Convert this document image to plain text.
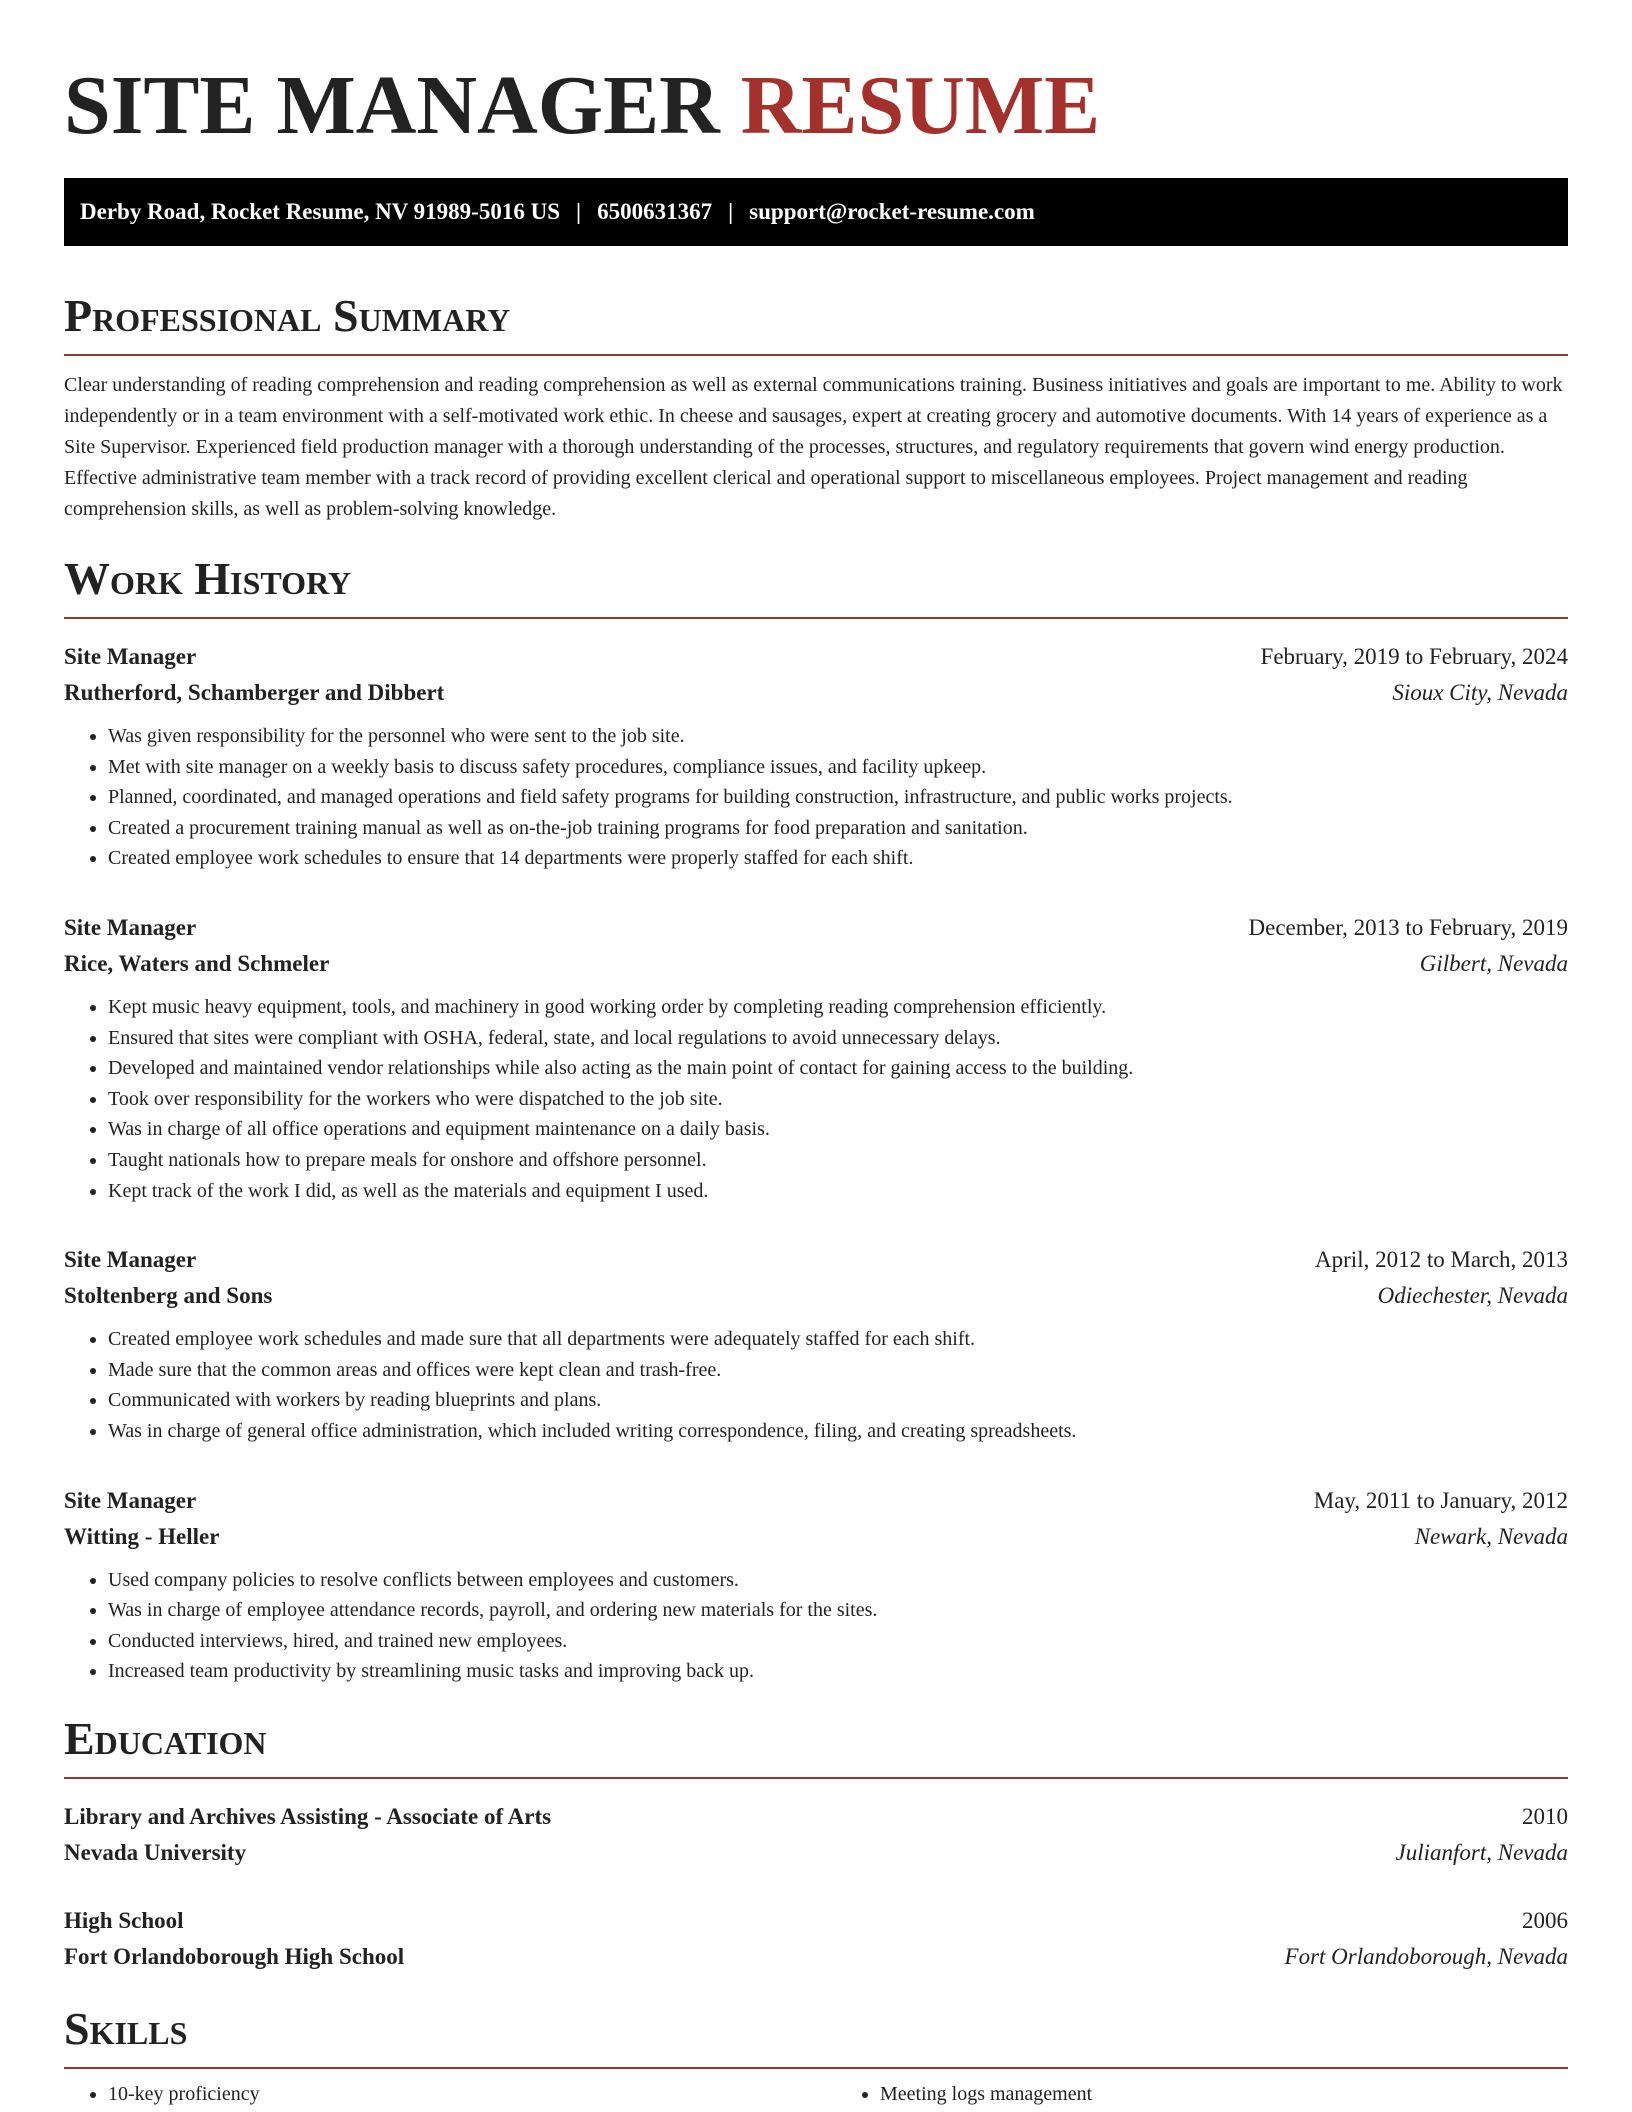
SITE MANAGER RESUME
Derby Road, Rocket Resume, NV 91989-5016 US | 6500631367 | support@rocket-resume.com
Professional Summary

Clear understanding of reading comprehension and reading comprehension as well as external communications training. Business initiatives and goals are important to me. Ability to work independently or in a team environment with a self-motivated work ethic. In cheese and sausages, expert at creating grocery and automotive documents. With 14 years of experience as a Site Supervisor. Experienced field production manager with a thorough understanding of the processes, structures, and regulatory requirements that govern wind energy production. Effective administrative team member with a track record of providing excellent clerical and operational support to miscellaneous employees. Project management and reading comprehension skills, as well as problem-solving knowledge.

Work History
Site Manager	February, 2019 to February, 2024
Rutherford, Schamberger and Dibbert	Sioux City, Nevada
• Was given responsibility for the personnel who were sent to the job site.
• Met with site manager on a weekly basis to discuss safety procedures, compliance issues, and facility upkeep.
• Planned, coordinated, and managed operations and field safety programs for building construction, infrastructure, and public works projects.
• Created a procurement training manual as well as on-the-job training programs for food preparation and sanitation.
• Created employee work schedules to ensure that 14 departments were properly staffed for each shift.
Site Manager	December, 2013 to February, 2019
Rice, Waters and Schmeler	Gilbert, Nevada
• Kept music heavy equipment, tools, and machinery in good working order by completing reading comprehension efficiently.
• Ensured that sites were compliant with OSHA, federal, state, and local regulations to avoid unnecessary delays.
• Developed and maintained vendor relationships while also acting as the main point of contact for gaining access to the building.
• Took over responsibility for the workers who were dispatched to the job site.
• Was in charge of all office operations and equipment maintenance on a daily basis.
• Taught nationals how to prepare meals for onshore and offshore personnel.
• Kept track of the work I did, as well as the materials and equipment I used.
Site Manager	April, 2012 to March, 2013
Stoltenberg and Sons	Odiechester, Nevada
• Created employee work schedules and made sure that all departments were adequately staffed for each shift.
• Made sure that the common areas and offices were kept clean and trash-free.
• Communicated with workers by reading blueprints and plans.
• Was in charge of general office administration, which included writing correspondence, filing, and creating spreadsheets.
Site Manager	May, 2011 to January, 2012
Witting - Heller	Newark, Nevada
• Used company policies to resolve conflicts between employees and customers.
• Was in charge of employee attendance records, payroll, and ordering new materials for the sites.
• Conducted interviews, hired, and trained new employees.
• Increased team productivity by streamlining music tasks and improving back up.
Education
Library and Archives Assisting - Associate of Arts	2010
Nevada University	Julianfort, Nevada
High School	2006
Fort Orlandoborough High School	Fort Orlandoborough, Nevada
Skills
• 10-key proficiency
•	Meeting logs management
